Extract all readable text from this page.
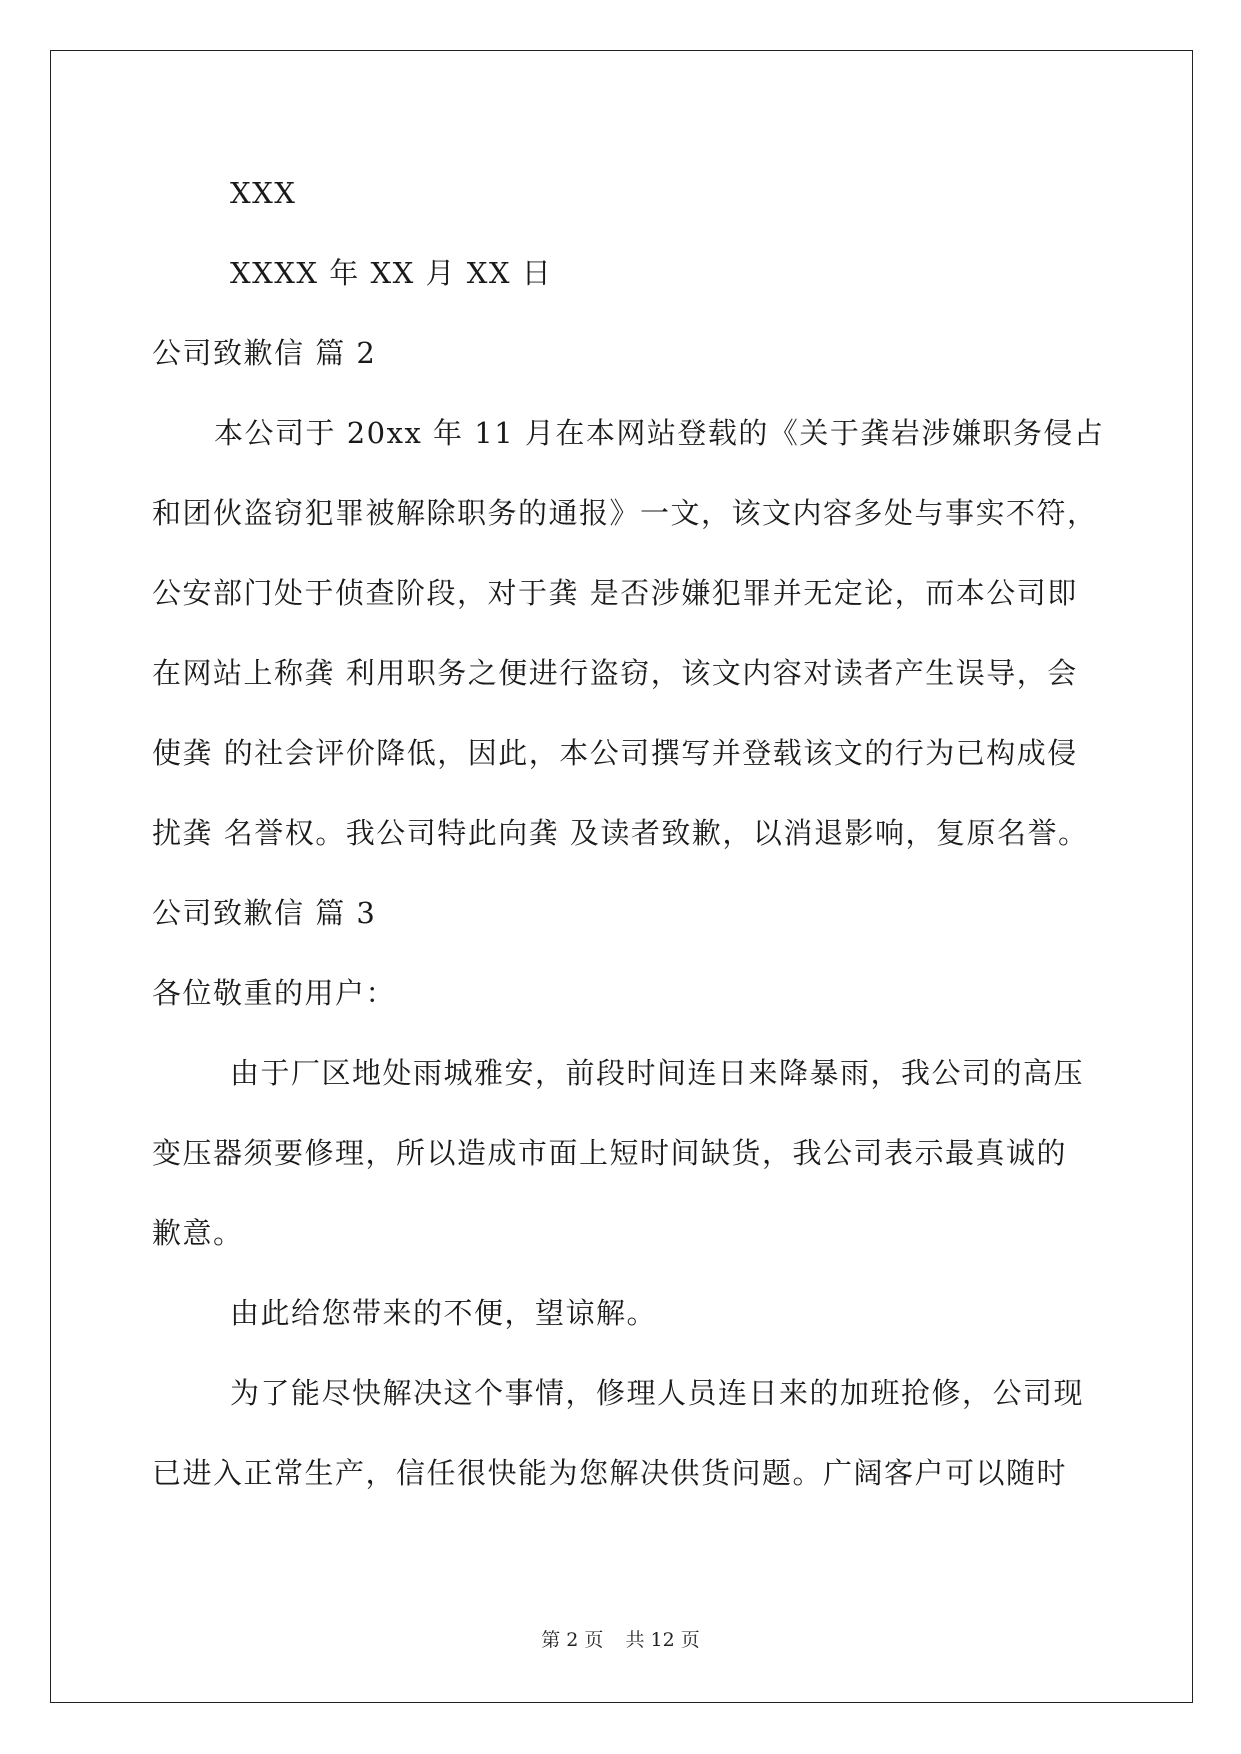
XXX
XXXX 年 XX 月 XX 日
公司致歉信 篇 2
本公司于 20xx 年 11 月在本网站登载的《关于龚岩涉嫌职务侵占
和团伙盗窃犯罪被解除职务的通报》一文，该文内容多处与事实不符，
公安部门处于侦查阶段，对于龚 是否涉嫌犯罪并无定论，而本公司即
在网站上称龚 利用职务之便进行盗窃，该文内容对读者产生误导，会
使龚 的社会评价降低，因此，本公司撰写并登载该文的行为已构成侵
扰龚 名誉权。我公司特此向龚 及读者致歉，以消退影响，复原名誉。
公司致歉信 篇 3
各位敬重的用户：
由于厂区地处雨城雅安，前段时间连日来降暴雨，我公司的高压
变压器须要修理，所以造成市面上短时间缺货，我公司表示最真诚的
歉意。
由此给您带来的不便，望谅解。
为了能尽快解决这个事情，修理人员连日来的加班抢修，公司现
已进入正常生产，信任很快能为您解决供货问题。广阔客户可以随时
第 2 页 共 12 页
